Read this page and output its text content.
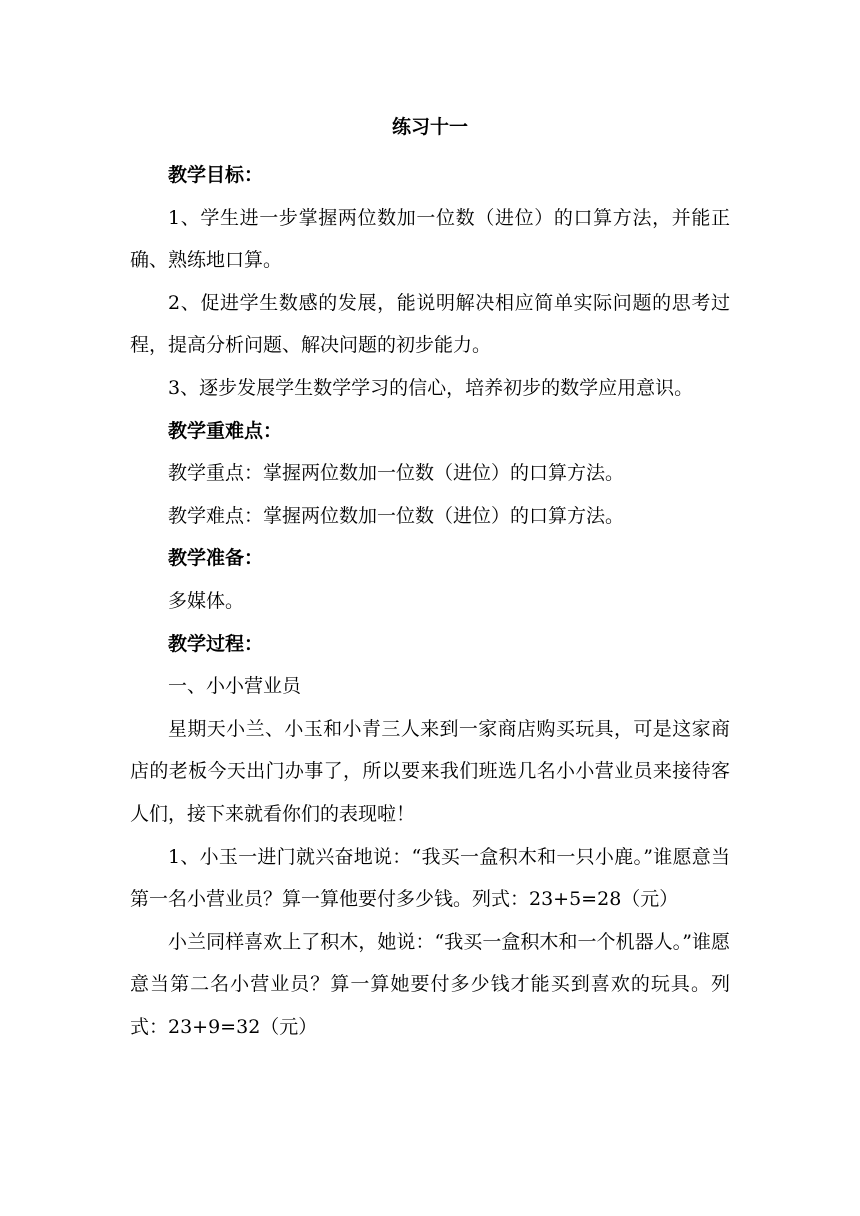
练习十一

教学目标：

1、学生进一步掌握两位数加一位数（进位）的口算方法，并能正确、熟练地口算。

2、促进学生数感的发展，能说明解决相应简单实际问题的思考过程，提高分析问题、解决问题的初步能力。

3、逐步发展学生数学学习的信心，培养初步的数学应用意识。

教学重难点：

教学重点：掌握两位数加一位数（进位）的口算方法。

教学难点：掌握两位数加一位数（进位）的口算方法。

教学准备：

多媒体。

教学过程：

一、小小营业员

星期天小兰、小玉和小青三人来到一家商店购买玩具，可是这家商店的老板今天出门办事了，所以要来我们班选几名小小营业员来接待客人们，接下来就看你们的表现啦！

1、小玉一进门就兴奋地说：“我买一盒积木和一只小鹿。”谁愿意当第一名小营业员？算一算他要付多少钱。列式：23+5=28（元）

小兰同样喜欢上了积木，她说：“我买一盒积木和一个机器人。”谁愿意当第二名小营业员？算一算她要付多少钱才能买到喜欢的玩具。列式：23+9=32（元）
